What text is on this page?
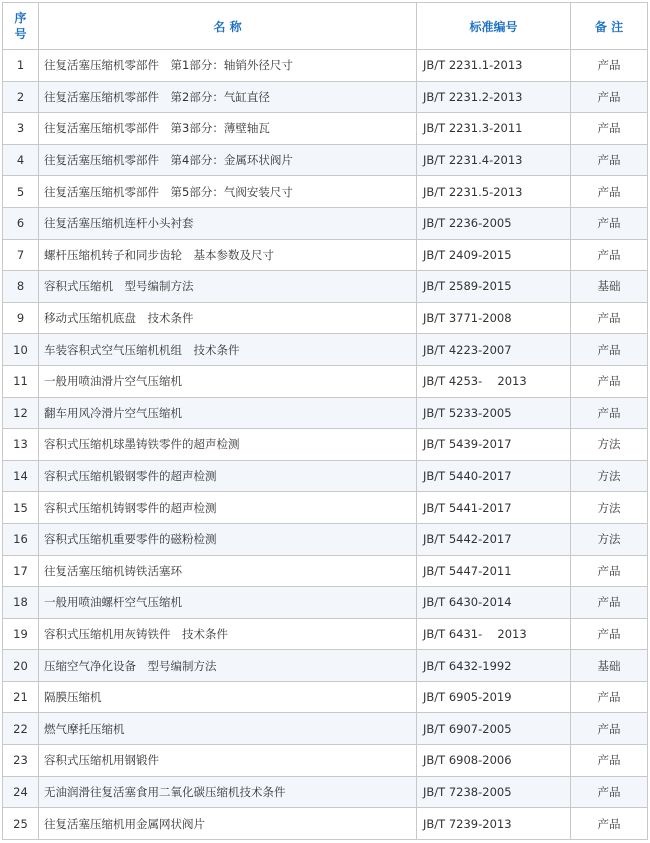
序
号	名 称	标准编号	备 注
1	往复活塞压缩机零部件　第1部分：轴销外径尺寸	JB/T 2231.1-2013	产品
2	往复活塞压缩机零部件　第2部分：气缸直径	JB/T 2231.2-2013	产品
3	往复活塞压缩机零部件　第3部分：薄壁轴瓦	JB/T 2231.3-2011	产品
4	往复活塞压缩机零部件　第4部分：金属环状阀片	JB/T 2231.4-2013	产品
5	往复活塞压缩机零部件　第5部分：气阀安装尺寸	JB/T 2231.5-2013	产品
6	往复活塞压缩机连杆小头衬套	JB/T 2236-2005	产品
7	螺杆压缩机转子和同步齿轮　基本参数及尺寸	JB/T 2409-2015	产品
8	容积式压缩机　型号编制方法	JB/T 2589-2015	基础
9	移动式压缩机底盘　技术条件	JB/T 3771-2008	产品
10	车装容积式空气压缩机机组　技术条件	JB/T 4223-2007	产品
11	一般用喷油滑片空气压缩机	JB/T 4253-　 2013	产品
12	翻车用风冷滑片空气压缩机	JB/T 5233-2005	产品
13	容积式压缩机球墨铸铁零件的超声检测	JB/T 5439-2017	方法
14	容积式压缩机锻钢零件的超声检测	JB/T 5440-2017	方法
15	容积式压缩机铸钢零件的超声检测	JB/T 5441-2017	方法
16	容积式压缩机重要零件的磁粉检测	JB/T 5442-2017	方法
17	往复活塞压缩机铸铁活塞环	JB/T 5447-2011	产品
18	一般用喷油螺杆空气压缩机	JB/T 6430-2014	产品
19	容积式压缩机用灰铸铁件　技术条件	JB/T 6431-　 2013	产品
20	压缩空气净化设备　型号编制方法	JB/T 6432-1992	基础
21	隔膜压缩机	JB/T 6905-2019	产品
22	燃气摩托压缩机	JB/T 6907-2005	产品
23	容积式压缩机用钢锻件	JB/T 6908-2006	产品
24	无油润滑往复活塞食用二氧化碳压缩机技术条件	JB/T 7238-2005	产品
25	往复活塞压缩机用金属网状阀片	JB/T 7239-2013	产品
